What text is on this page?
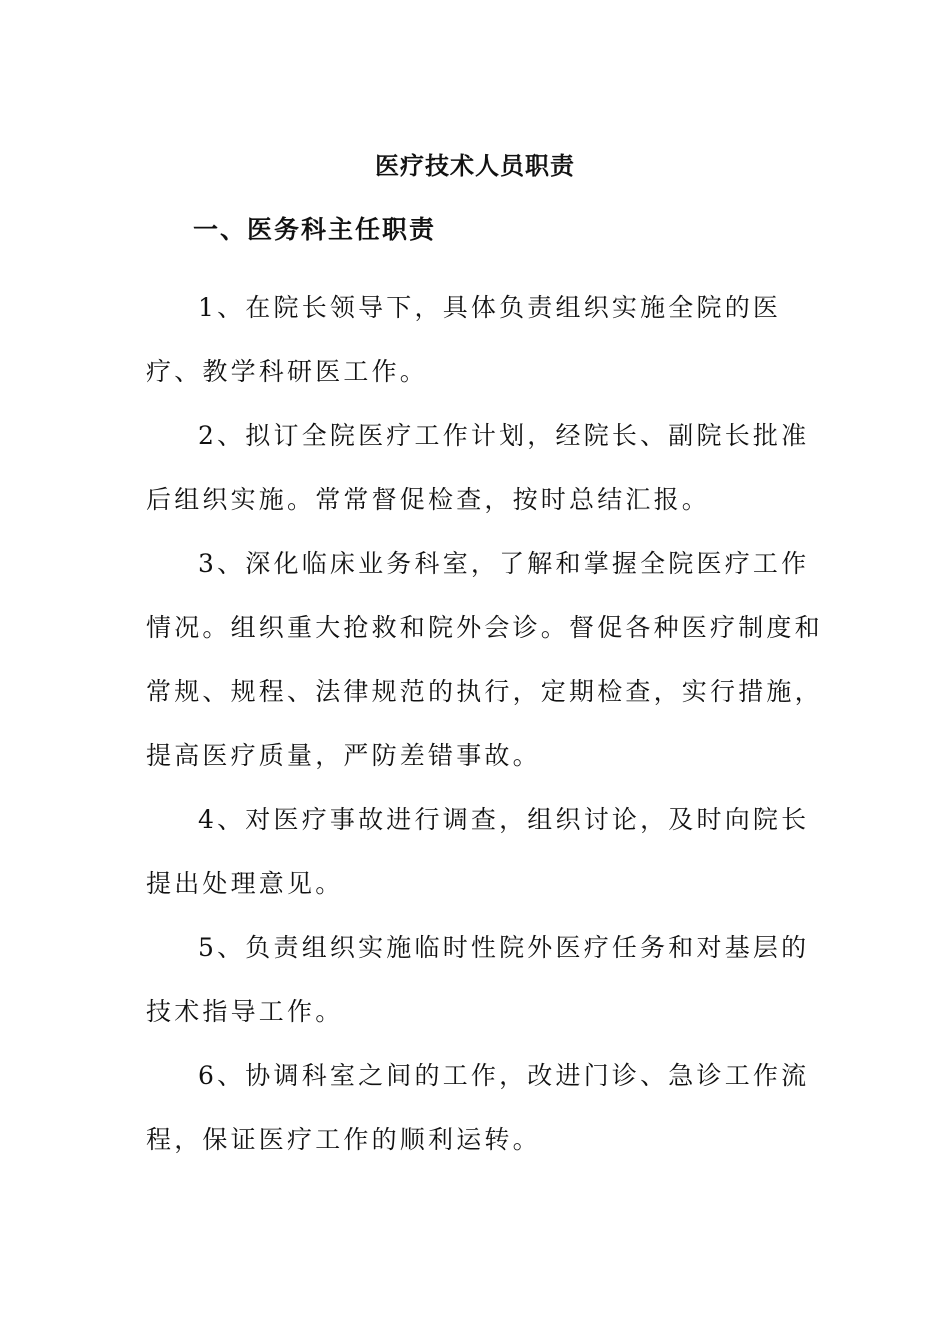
医疗技术人员职责
一、医务科主任职责

1、在院长领导下，具体负责组织实施全院的医疗、教学科研医工作。

2、拟订全院医疗工作计划，经院长、副院长批准后组织实施。常常督促检查，按时总结汇报。

3、深化临床业务科室，了解和掌握全院医疗工作情况。组织重大抢救和院外会诊。督促各种医疗制度和常规、规程、法律规范的执行，定期检查，实行措施，提高医疗质量，严防差错事故。

4、对医疗事故进行调查，组织讨论，及时向院长提出处理意见。

5、负责组织实施临时性院外医疗任务和对基层的技术指导工作。

6、协调科室之间的工作，改进门诊、急诊工作流程，保证医疗工作的顺利运转。
